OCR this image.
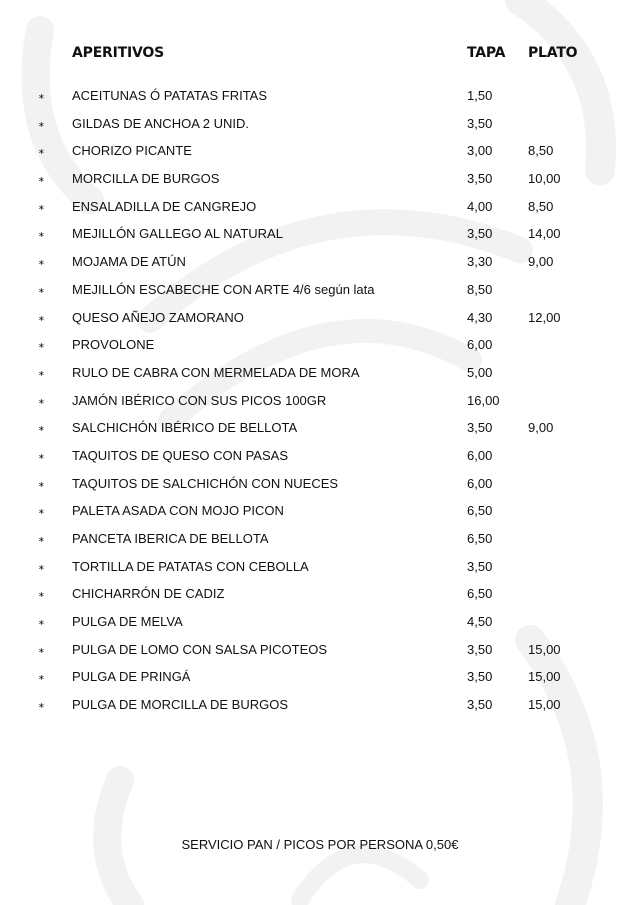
APERITIVOS	TAPA PLATO
∗ ACEITUNAS Ó PATATAS FRITAS	1,50
∗ GILDAS DE ANCHOA 2 UNID.	3,50
∗ CHORIZO PICANTE	3,00	8,50
∗ MORCILLA DE BURGOS	3,50	10,00
∗ ENSALADILLA DE CANGREJO	4,00	8,50
∗ MEJILLÓN GALLEGO AL NATURAL	3,50	14,00
∗ MOJAMA DE ATÚN	3,30	9,00
∗ MEJILLÓN ESCABECHE CON ARTE 4/6 según lata	8,50
∗ QUESO AÑEJO ZAMORANO	4,30	12,00
∗ PROVOLONE	6,00
∗ RULO DE CABRA CON MERMELADA DE MORA	5,00
∗ JAMÓN IBÉRICO CON SUS PICOS 100GR	16,00
∗ SALCHICHÓN IBÉRICO DE BELLOTA	3,50	9,00
∗ TAQUITOS DE QUESO CON PASAS	6,00
∗ TAQUITOS DE SALCHICHÓN CON NUECES	6,00
∗ PALETA ASADA CON MOJO PICON	6,50
∗ PANCETA IBERICA DE BELLOTA	6,50
∗ TORTILLA DE PATATAS CON CEBOLLA	3,50
∗ CHICHARRÓN DE CADIZ	6,50
∗ PULGA DE MELVA	4,50
∗ PULGA DE LOMO CON SALSA PICOTEOS	3,50	15,00
∗ PULGA DE PRINGÁ	3,50	15,00
∗ PULGA DE MORCILLA DE BURGOS	3,50	15,00
SERVICIO PAN / PICOS POR PERSONA 0,50€
